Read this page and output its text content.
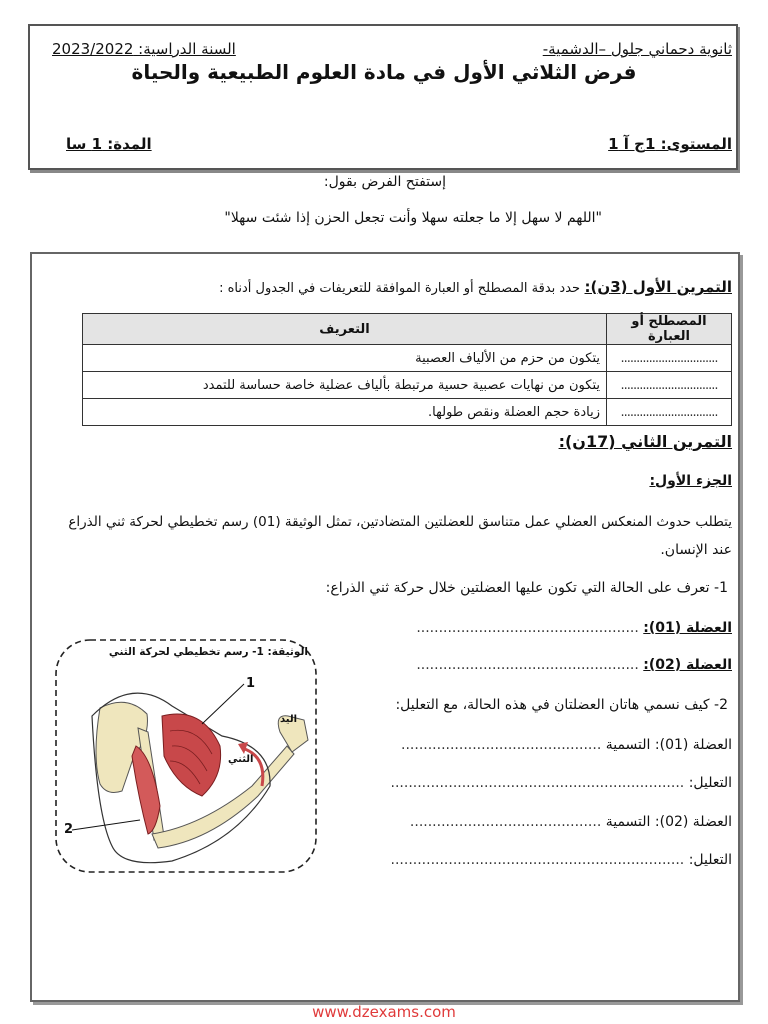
ثانوية دحماني جلول –الدشمية-
السنة الدراسية: 2023/2022
فرض الثلاثي الأول في مادة العلوم الطبيعية والحياة
المستوى: 1ج آ 1
المدة: 1 سا
إستفتح الفرض بقول:
"اللهم لا سهل إلا ما جعلته سهلا وأنت تجعل الحزن إذا شئت سهلا"
التمرين الأول (3ن): حدد بدقة المصطلح أو العبارة الموافقة للتعريفات في الجدول أدناه :
المصطلح أو العبارة	التعريف
...............................	يتكون من حزم من الألياف العصبية
...............................	يتكون من نهايات عصبية حسية مرتبطة بألياف عضلية خاصة حساسة للتمدد
...............................	زيادة حجم العضلة ونقص طولها.
التمرين الثاني (17ن):
الجزء الأول:
يتطلب حدوث المنعكس العضلي عمل متناسق للعضلتين المتضادتين، تمثل الوثيقة (01) رسم تخطيطي لحركة ثني الذراع
عند الإنسان.
1- تعرف على الحالة التي تكون عليها العضلتين خلال حركة ثني الذراع:
العضلة (01): ..................................................
العضلة (02): ..................................................
2- كيف نسمي هاتان العضلتان في هذه الحالة، مع التعليل:
العضلة (01): التسمية .............................................
التعليل: ..................................................................
العضلة (02): التسمية ...........................................
التعليل: ..................................................................
الوثيقة: 1- رسم تخطيطي لحركة الثني
1
2
اليد
الثني
www.dzexams.com
